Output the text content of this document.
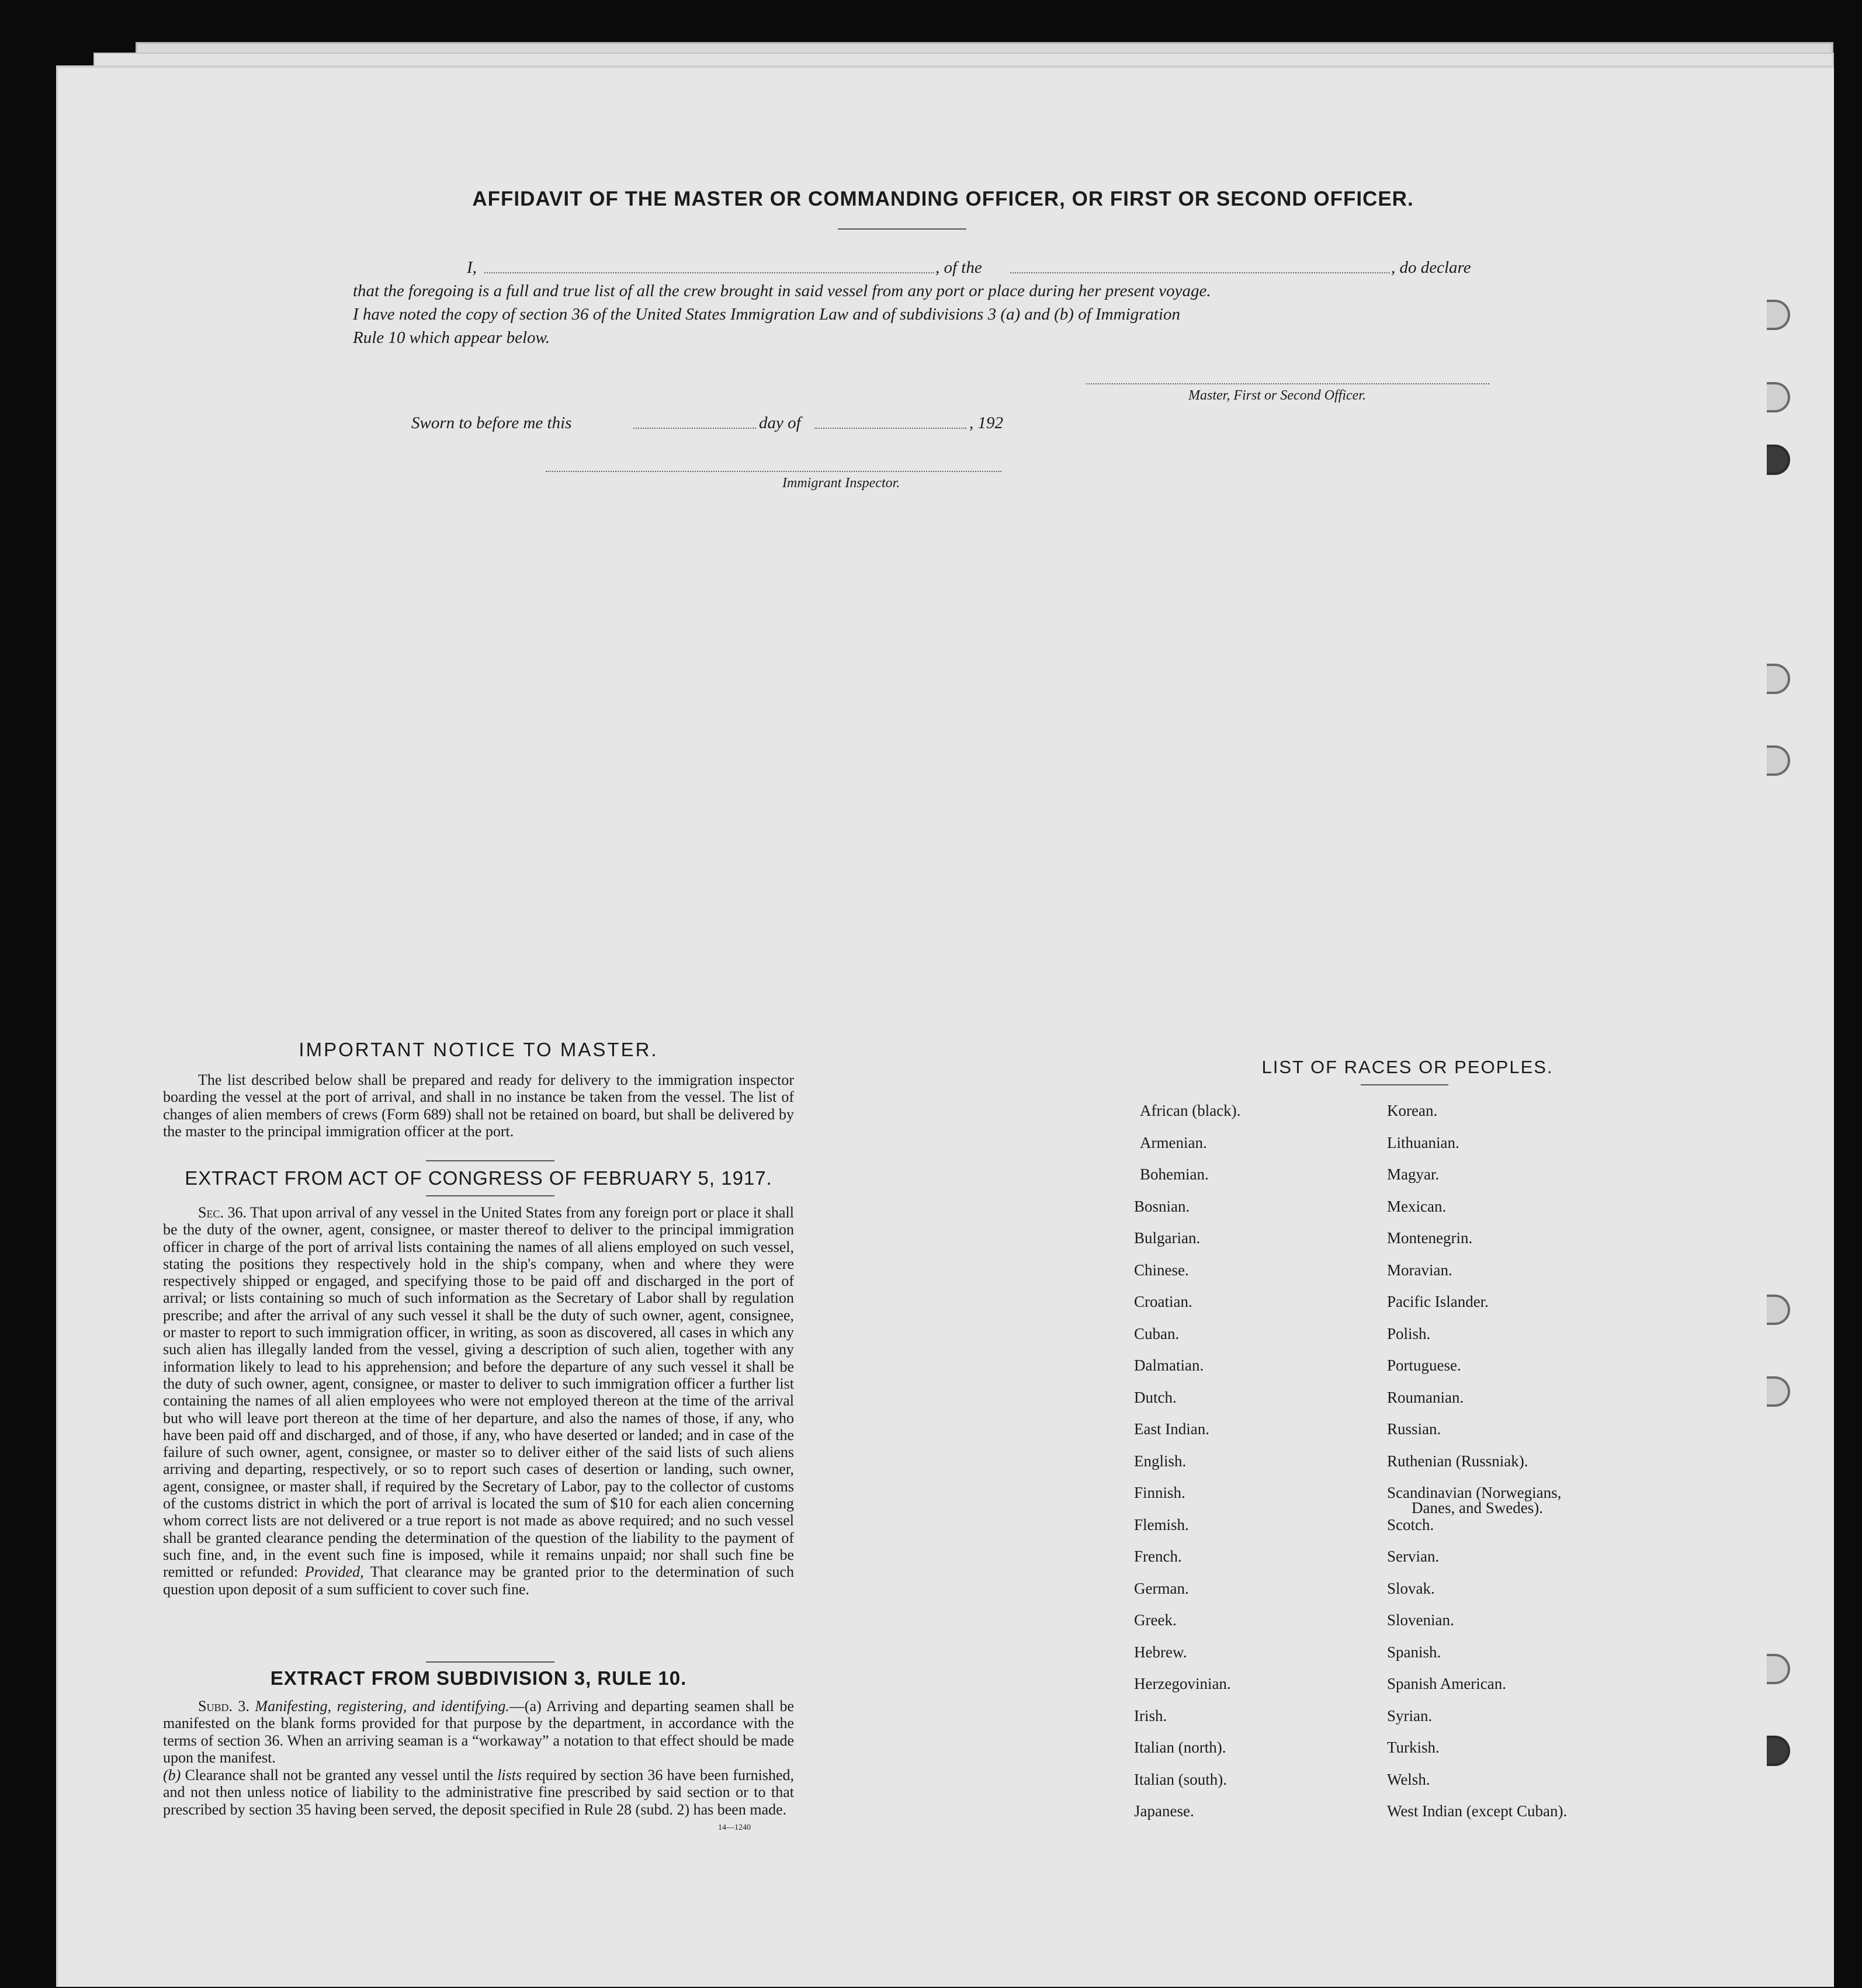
AFFIDAVIT OF THE MASTER OR COMMANDING OFFICER, OR FIRST OR SECOND OFFICER.
I,	, of the	, do declare
that the foregoing is a full and true list of all the crew brought in said vessel from any port or place during her present voyage.
I have noted the copy of section 36 of the United States Immigration Law and of subdivisions 3 (a) and (b) of Immigration
Rule 10 which appear below.
Master, First or Second Officer.
Sworn to before me this	day of	, 192
Immigrant Inspector.
IMPORTANT NOTICE TO MASTER.
The list described below shall be prepared and ready for delivery to the immigration inspector boarding the vessel at the port of arrival, and shall in no instance be taken from the vessel. The list of changes of alien members of crews (Form 689) shall not be retained on board, but shall be delivered by the master to the principal immigration officer at the port.
EXTRACT FROM ACT OF CONGRESS OF FEBRUARY 5, 1917.
Sec. 36. That upon arrival of any vessel in the United States from any foreign port or place it shall be the duty of the owner, agent, consignee, or master thereof to deliver to the principal immigration officer in charge of the port of arrival lists containing the names of all aliens employed on such vessel, stating the positions they respectively hold in the ship's company, when and where they were respectively shipped or engaged, and specifying those to be paid off and discharged in the port of arrival; or lists containing so much of such information as the Secretary of Labor shall by regulation prescribe; and after the arrival of any such vessel it shall be the duty of such owner, agent, consignee, or master to report to such immigration officer, in writing, as soon as discovered, all cases in which any such alien has illegally landed from the vessel, giving a description of such alien, together with any information likely to lead to his apprehension; and before the departure of any such vessel it shall be the duty of such owner, agent, consignee, or master to deliver to such immigration officer a further list containing the names of all alien employees who were not employed thereon at the time of the arrival but who will leave port thereon at the time of her departure, and also the names of those, if any, who have been paid off and discharged, and of those, if any, who have deserted or landed; and in case of the failure of such owner, agent, consignee, or master so to deliver either of the said lists of such aliens arriving and departing, respectively, or so to report such cases of desertion or landing, such owner, agent, consignee, or master shall, if required by the Secretary of Labor, pay to the collector of customs of the customs district in which the port of arrival is located the sum of $10 for each alien concerning whom correct lists are not delivered or a true report is not made as above required; and no such vessel shall be granted clearance pending the determination of the question of the liability to the payment of such fine, and, in the event such fine is imposed, while it remains unpaid; nor shall such fine be remitted or refunded: Provided, That clearance may be granted prior to the determination of such question upon deposit of a sum sufficient to cover such fine.
EXTRACT FROM SUBDIVISION 3, RULE 10.
Subd. 3. Manifesting, registering, and identifying.—(a) Arriving and departing seamen shall be manifested on the blank forms provided for that purpose by the department, in accordance with the terms of section 36. When an arriving seaman is a “workaway” a notation to that effect should be made upon the manifest.
(b) Clearance shall not be granted any vessel until the lists required by section 36 have been furnished, and not then unless notice of liability to the administrative fine prescribed by said section or to that prescribed by section 35 having been served, the deposit specified in Rule 28 (subd. 2) has been made.
14—1240
LIST OF RACES OR PEOPLES.
African (black).
Armenian.
Bohemian.
Bosnian.
Bulgarian.
Chinese.
Croatian.
Cuban.
Dalmatian.
Dutch.
East Indian.
English.
Finnish.
Flemish.
French.
German.
Greek.
Hebrew.
Herzegovinian.
Irish.
Italian (north).
Italian (south).
Japanese.
Korean.
Lithuanian.
Magyar.
Mexican.
Montenegrin.
Moravian.
Pacific Islander.
Polish.
Portuguese.
Roumanian.
Russian.
Ruthenian (Russniak).
Scandinavian (Norwegians,
Danes, and Swedes).
Scotch.
Servian.
Slovak.
Slovenian.
Spanish.
Spanish American.
Syrian.
Turkish.
Welsh.
West Indian (except Cuban).
